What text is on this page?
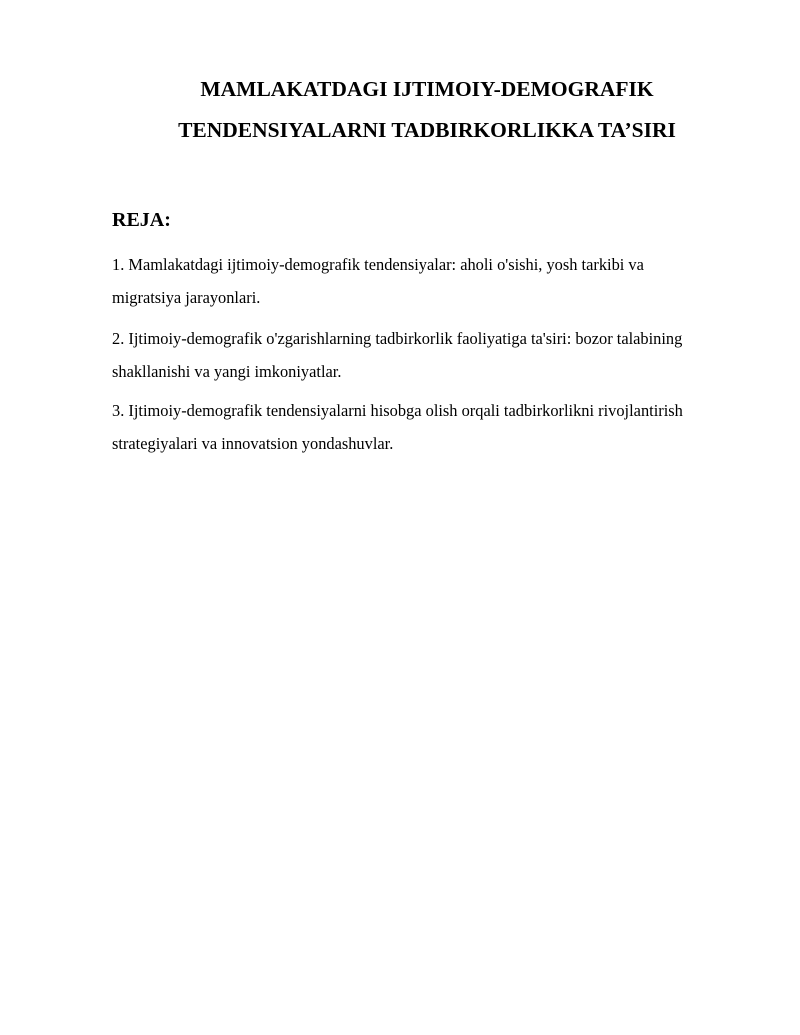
MAMLAKATDAGI IJTIMOIY-DEMOGRAFIK
TENDENSIYALARNI TADBIRKORLIKKA TA’SIRI
REJA:
1. Mamlakatdagi ijtimoiy-demografik tendensiyalar: aholi o'sishi, yosh tarkibi va migratsiya jarayonlari.
2. Ijtimoiy-demografik o'zgarishlarning tadbirkorlik faoliyatiga ta'siri: bozor talabining shakllanishi va yangi imkoniyatlar.
3. Ijtimoiy-demografik tendensiyalarni hisobga olish orqali tadbirkorlikni rivojlantirish strategiyalari va innovatsion yondashuvlar.
